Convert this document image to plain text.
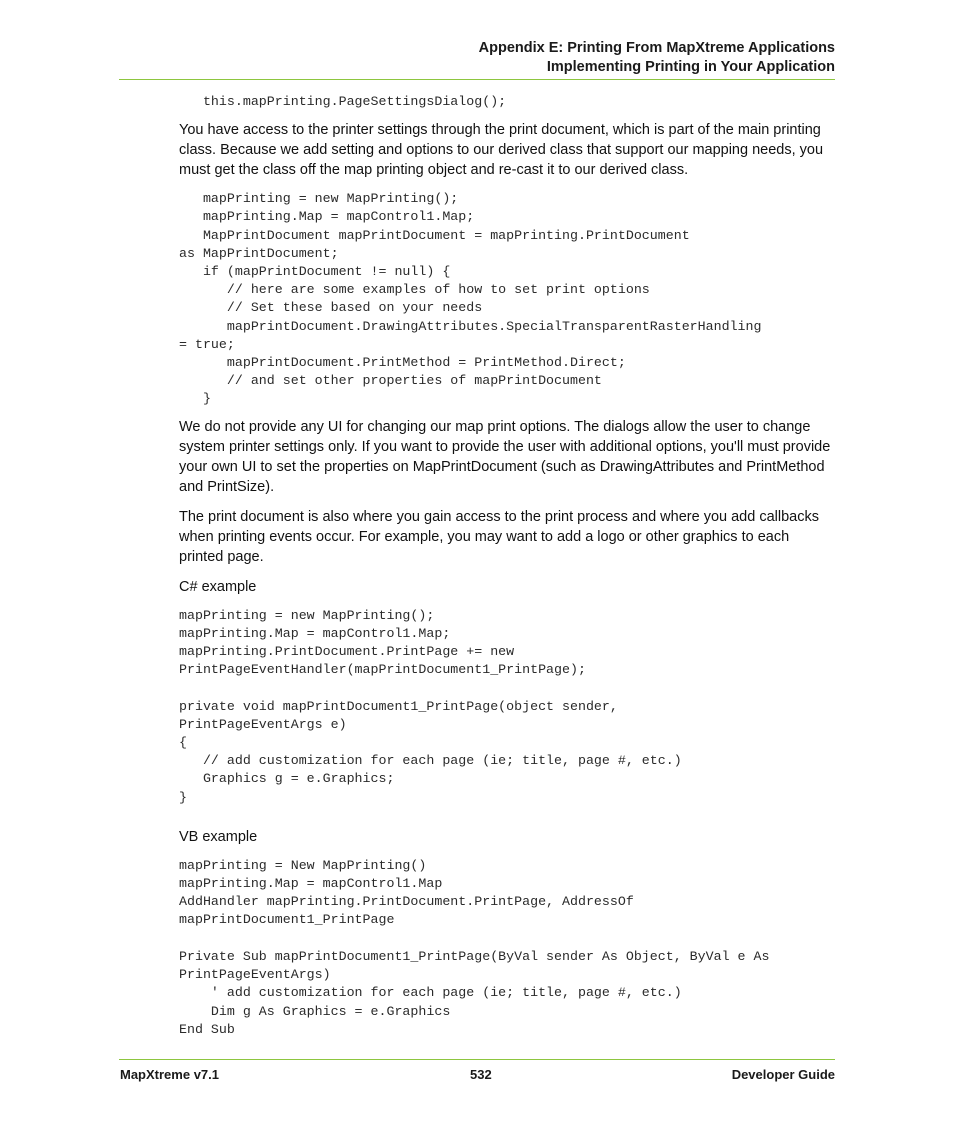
Appendix E: Printing From MapXtreme Applications
Implementing Printing in Your Application
this.mapPrinting.PageSettingsDialog();

You have access to the printer settings through the print document, which is part of the main printing class. Because we add setting and options to our derived class that support our mapping needs, you must get the class off the map printing object and re-cast it to our derived class.

mapPrinting = new MapPrinting();
mapPrinting.Map = mapControl1.Map;
MapPrintDocument mapPrintDocument = mapPrinting.PrintDocument
as MapPrintDocument;
if (mapPrintDocument != null) {
// here are some examples of how to set print options
// Set these based on your needs
mapPrintDocument.DrawingAttributes.SpecialTransparentRasterHandling
= true;
mapPrintDocument.PrintMethod = PrintMethod.Direct;
// and set other properties of mapPrintDocument
}

We do not provide any UI for changing our map print options. The dialogs allow the user to change system printer settings only. If you want to provide the user with additional options, you'll must provide your own UI to set the properties on MapPrintDocument (such as DrawingAttributes and PrintMethod and PrintSize).

The print document is also where you gain access to the print process and where you add callbacks when printing events occur. For example, you may want to add a logo or other graphics to each printed page.

C# example

mapPrinting = new MapPrinting();
mapPrinting.Map = mapControl1.Map;
mapPrinting.PrintDocument.PrintPage += new
PrintPageEventHandler(mapPrintDocument1_PrintPage);

private void mapPrintDocument1_PrintPage(object sender,
PrintPageEventArgs e)
{
// add customization for each page (ie; title, page #, etc.)
Graphics g = e.Graphics;
}

VB example

mapPrinting = New MapPrinting()
mapPrinting.Map = mapControl1.Map
AddHandler mapPrinting.PrintDocument.PrintPage, AddressOf
mapPrintDocument1_PrintPage

Private Sub mapPrintDocument1_PrintPage(ByVal sender As Object, ByVal e As
PrintPageEventArgs)
' add customization for each page (ie; title, page #, etc.)
Dim g As Graphics = e.Graphics
End Sub
MapXtreme v7.1	532	Developer Guide
